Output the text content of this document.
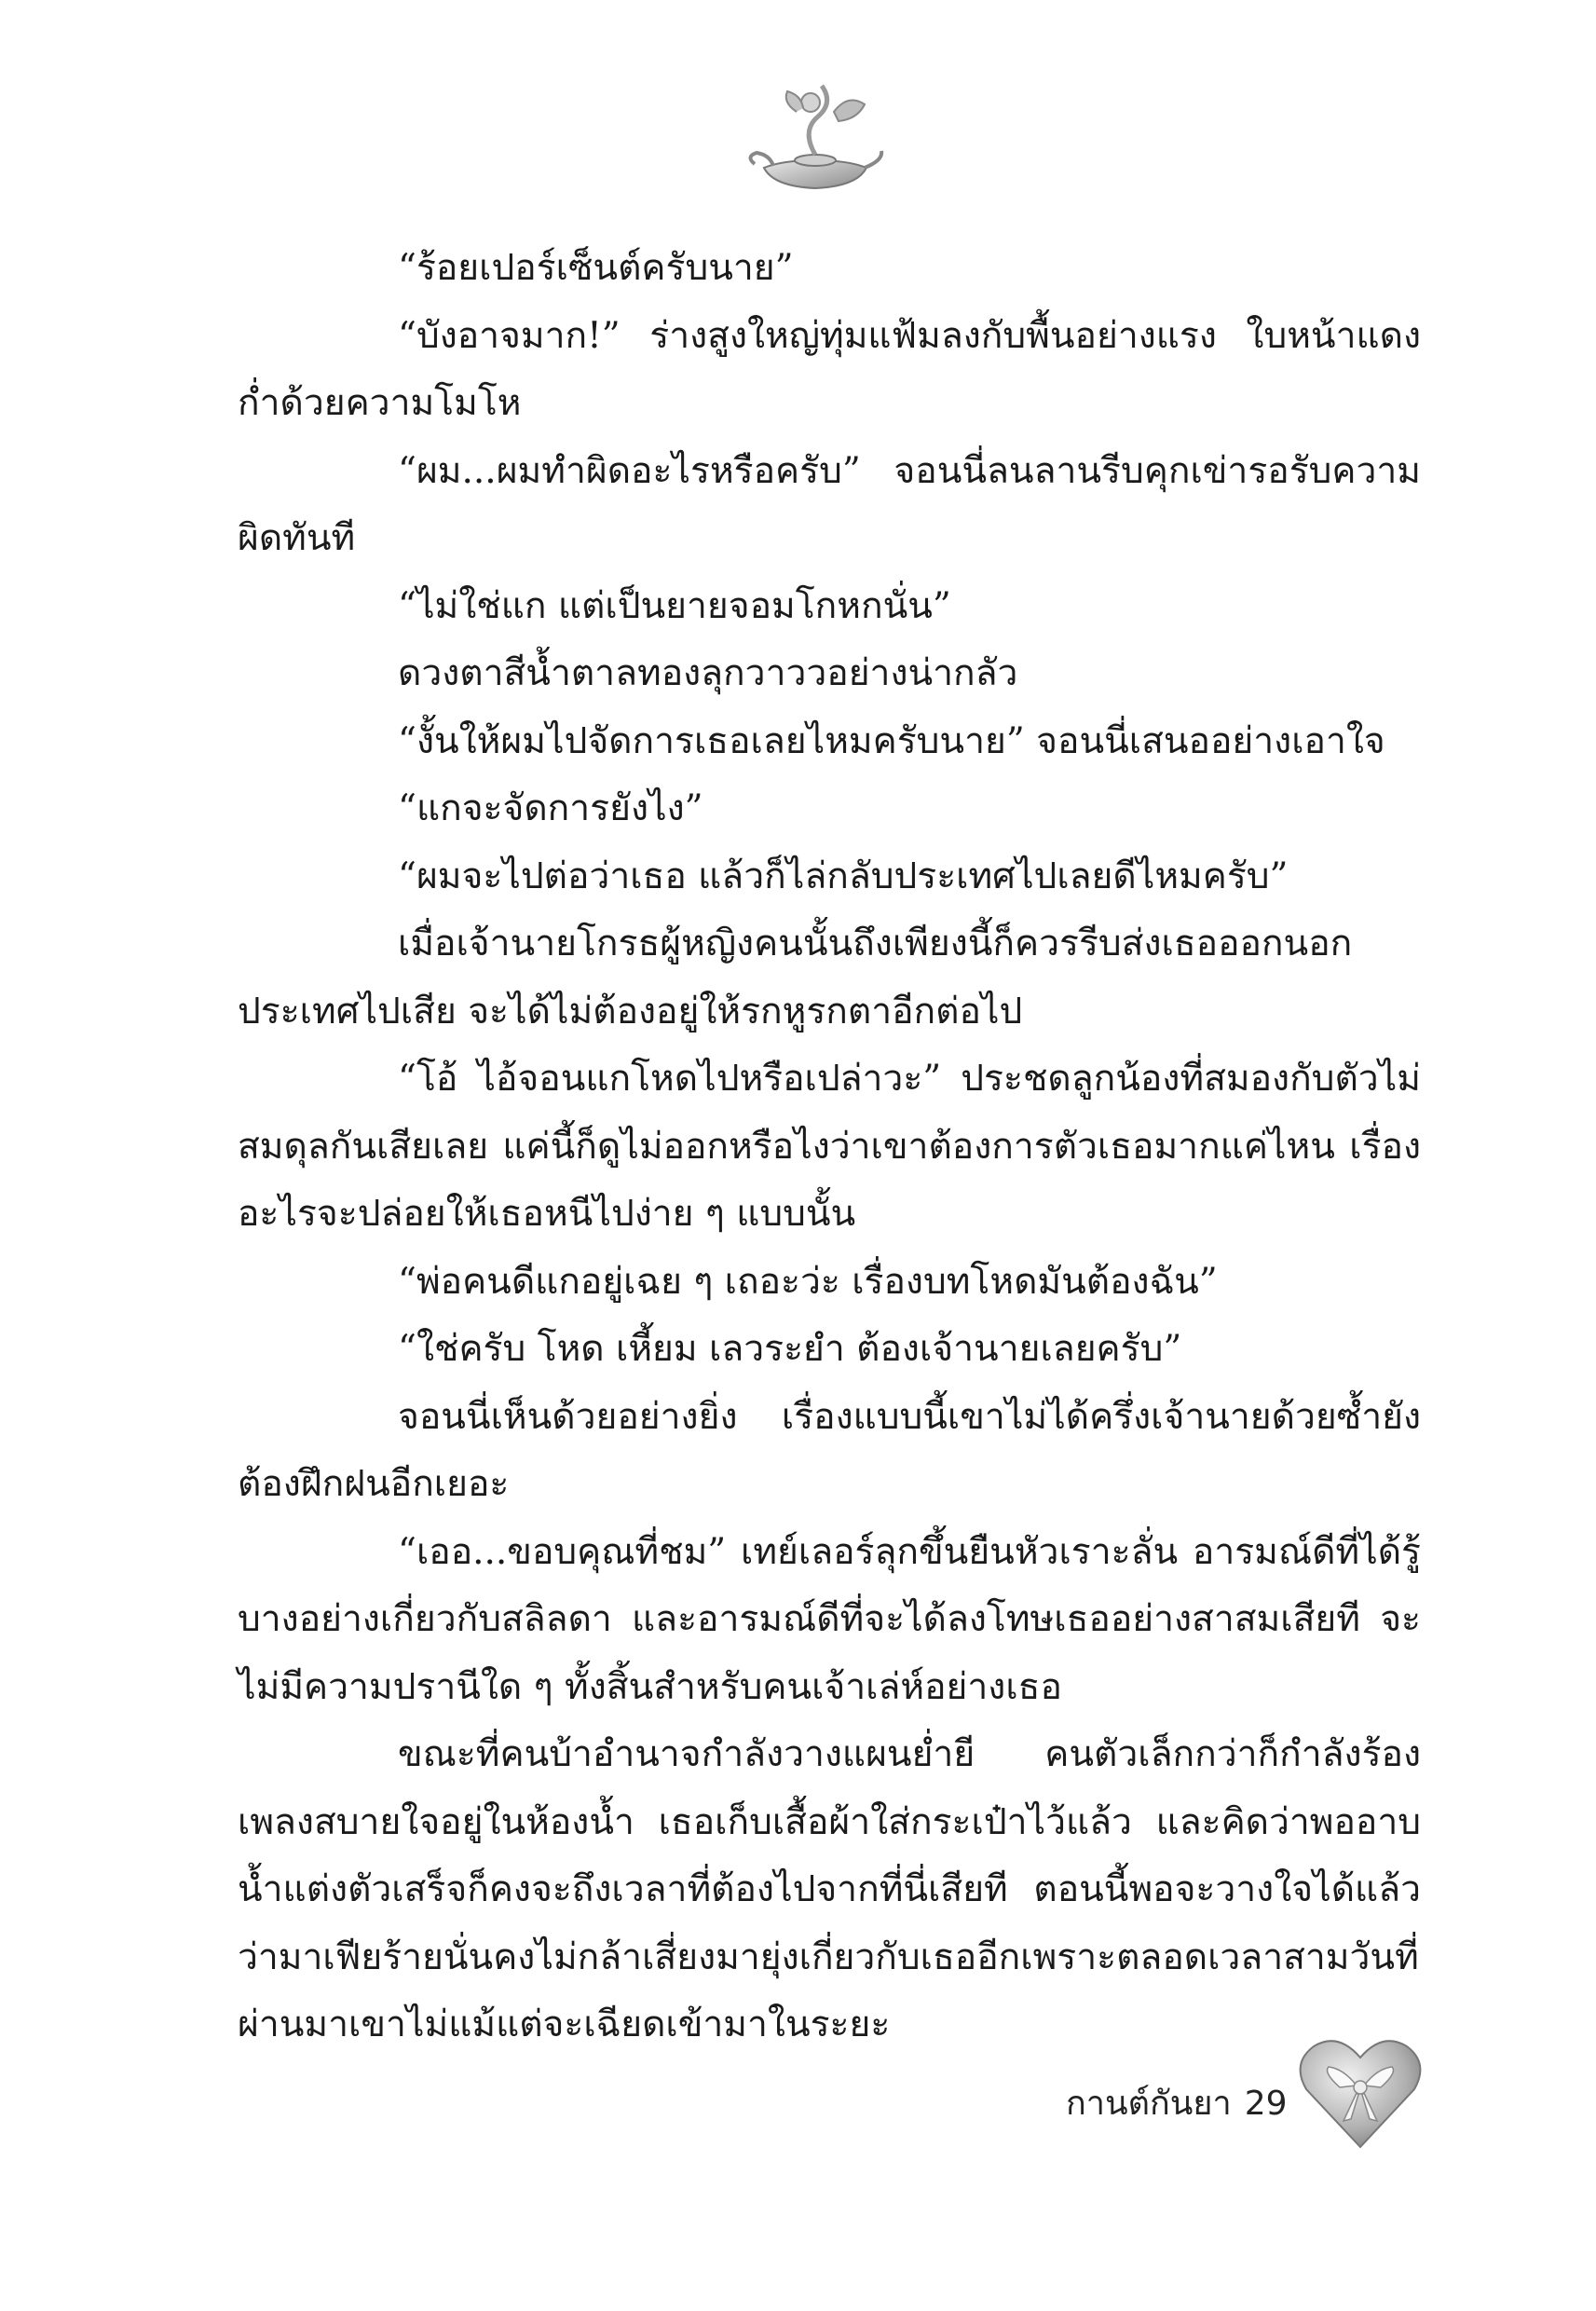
“ร้อยเปอร์เซ็นต์ครับนาย”

“บังอาจมาก!” ร่างสูงใหญ่ทุ่มแฟ้มลงกับพื้นอย่างแรง ใบหน้าแดงก่ำด้วยความโมโห

“ผม...ผมทำผิดอะไรหรือครับ” จอนนี่ลนลานรีบคุกเข่ารอรับความผิดทันที

“ไม่ใช่แก แต่เป็นยายจอมโกหกนั่น”

ดวงตาสีน้ำตาลทองลุกวาววอย่างน่ากลัว

“งั้นให้ผมไปจัดการเธอเลยไหมครับนาย” จอนนี่เสนออย่างเอาใจ

“แกจะจัดการยังไง”

“ผมจะไปต่อว่าเธอ แล้วก็ไล่กลับประเทศไปเลยดีไหมครับ”

เมื่อเจ้านายโกรธผู้หญิงคนนั้นถึงเพียงนี้ก็ควรรีบส่งเธอออกนอกประเทศไปเสีย จะได้ไม่ต้องอยู่ให้รกหูรกตาอีกต่อไป

“โอ้ ไอ้จอนแกโหดไปหรือเปล่าวะ” ประชดลูกน้องที่สมองกับตัวไม่สมดุลกันเสียเลย แค่นี้ก็ดูไม่ออกหรือไงว่าเขาต้องการตัวเธอมากแค่ไหน เรื่องอะไรจะปล่อยให้เธอหนีไปง่าย ๆ แบบนั้น

“พ่อคนดีแกอยู่เฉย ๆ เถอะว่ะ เรื่องบทโหดมันต้องฉัน”

“ใช่ครับ โหด เหี้ยม เลวระยำ ต้องเจ้านายเลยครับ”

จอนนี่เห็นด้วยอย่างยิ่ง เรื่องแบบนี้เขาไม่ได้ครึ่งเจ้านายด้วยซ้ำยังต้องฝึกฝนอีกเยอะ

“เออ...ขอบคุณที่ชม” เทย์เลอร์ลุกขึ้นยืนหัวเราะลั่น อารมณ์ดีที่ได้รู้บางอย่างเกี่ยวกับสลิลดา และอารมณ์ดีที่จะได้ลงโทษเธออย่างสาสมเสียที จะไม่มีความปรานีใด ๆ ทั้งสิ้นสำหรับคนเจ้าเล่ห์อย่างเธอ

ขณะที่คนบ้าอำนาจกำลังวางแผนย่ำยี คนตัวเล็กกว่าก็กำลังร้องเพลงสบายใจอยู่ในห้องน้ำ เธอเก็บเสื้อผ้าใส่กระเป๋าไว้แล้ว และคิดว่าพออาบน้ำแต่งตัวเสร็จก็คงจะถึงเวลาที่ต้องไปจากที่นี่เสียที ตอนนี้พอจะวางใจได้แล้วว่ามาเฟียร้ายนั่นคงไม่กล้าเสี่ยงมายุ่งเกี่ยวกับเธออีกเพราะตลอดเวลาสามวันที่ผ่านมาเขาไม่แม้แต่จะเฉียดเข้ามาในระยะ

กานต์กันยา 29
